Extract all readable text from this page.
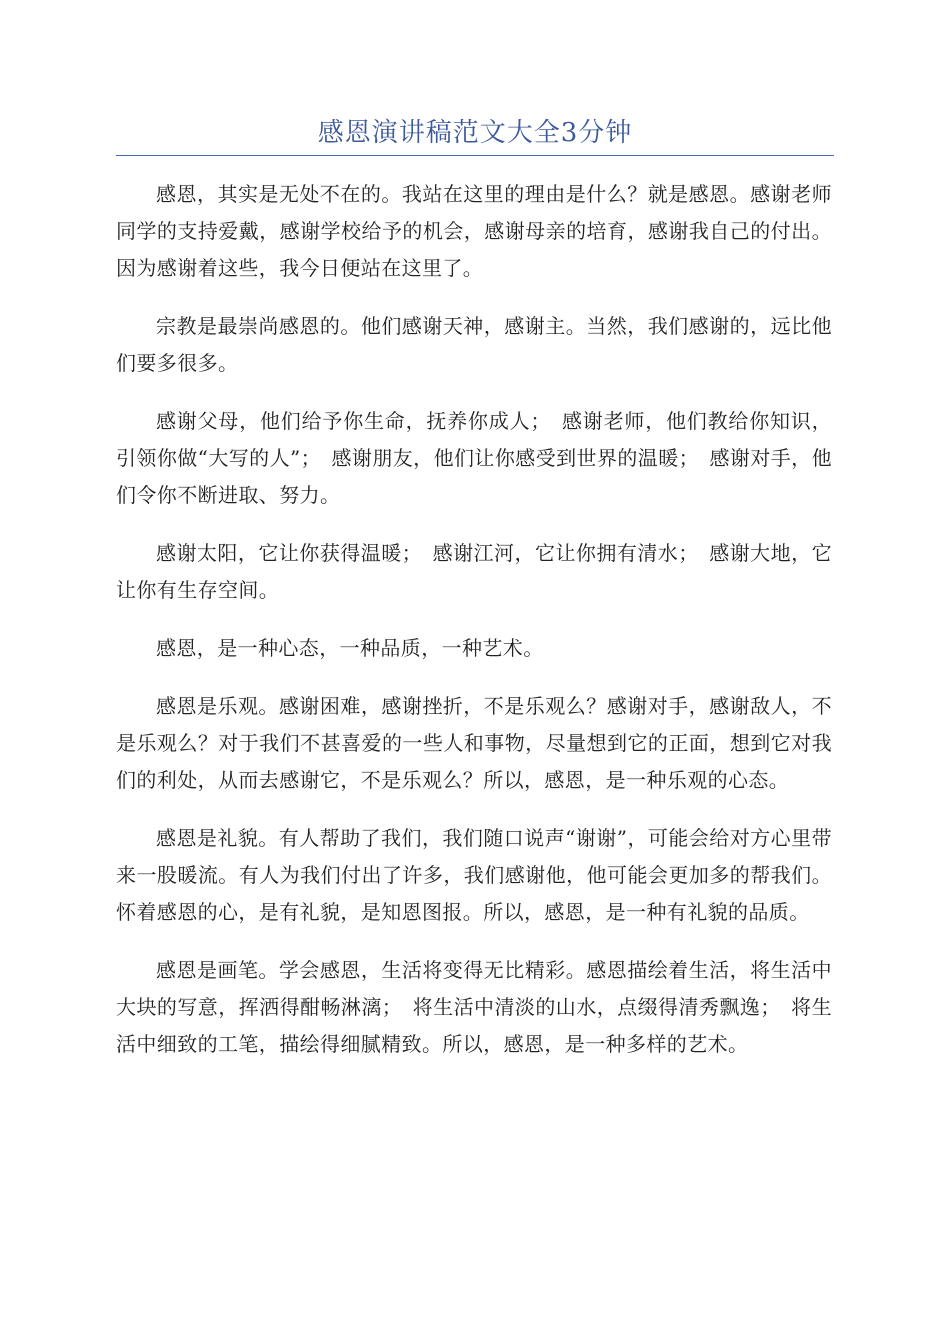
感恩演讲稿范文大全3分钟

感恩，其实是无处不在的。我站在这里的理由是什么？就是感恩。感谢老师同学的支持爱戴，感谢学校给予的机会，感谢母亲的培育，感谢我自己的付出。因为感谢着这些，我今日便站在这里了。

宗教是最崇尚感恩的。他们感谢天神，感谢主。当然，我们感谢的，远比他们要多很多。

感谢父母，他们给予你生命，抚养你成人；　感谢老师，他们教给你知识，引领你做“大写的人”；　感谢朋友，他们让你感受到世界的温暖；　感谢对手，他们令你不断进取、努力。

感谢太阳，它让你获得温暖；　感谢江河，它让你拥有清水；　感谢大地，它让你有生存空间。

感恩，是一种心态，一种品质，一种艺术。

感恩是乐观。感谢困难，感谢挫折，不是乐观么？感谢对手，感谢敌人，不是乐观么？对于我们不甚喜爱的一些人和事物，尽量想到它的正面，想到它对我们的利处，从而去感谢它，不是乐观么？所以，感恩，是一种乐观的心态。

感恩是礼貌。有人帮助了我们，我们随口说声“谢谢”，可能会给对方心里带来一股暖流。有人为我们付出了许多，我们感谢他，他可能会更加多的帮我们。怀着感恩的心，是有礼貌，是知恩图报。所以，感恩，是一种有礼貌的品质。

感恩是画笔。学会感恩，生活将变得无比精彩。感恩描绘着生活，将生活中大块的写意，挥洒得酣畅淋漓；　将生活中清淡的山水，点缀得清秀飘逸；　将生活中细致的工笔，描绘得细腻精致。所以，感恩，是一种多样的艺术。
